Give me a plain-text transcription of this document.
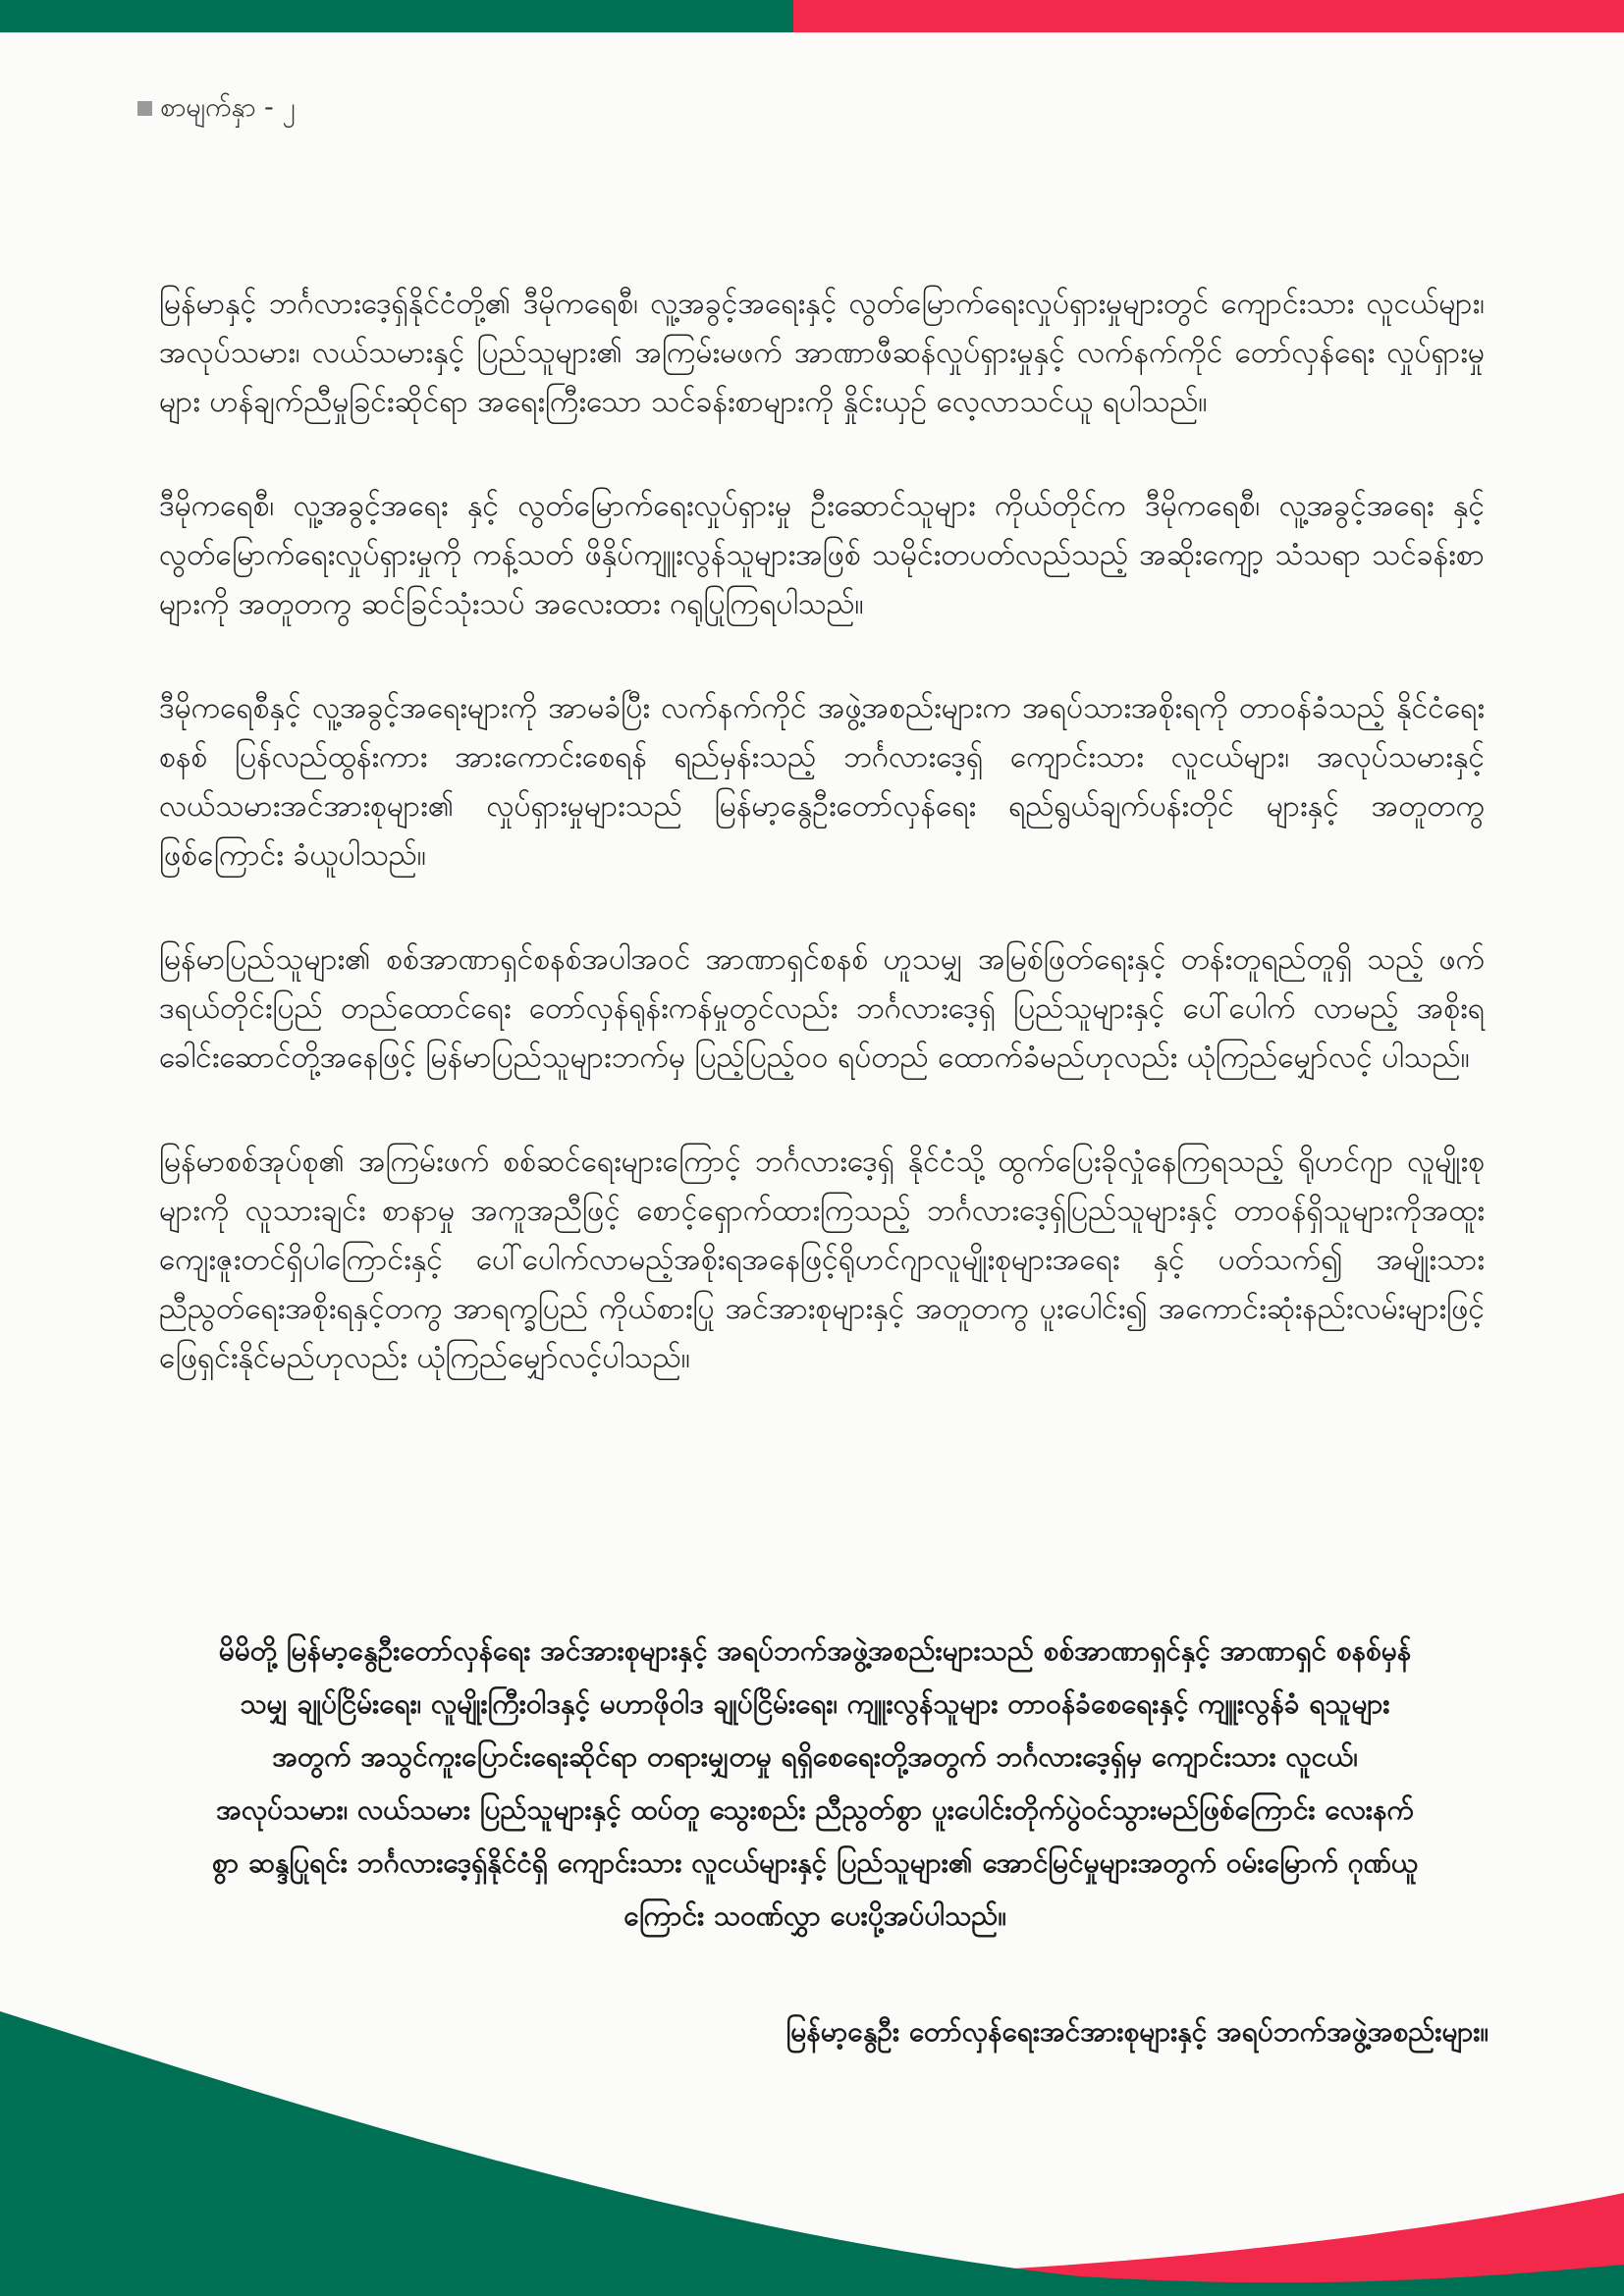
စာမျက်နှာ - ၂

မြန်မာနှင့် ဘင်္ဂလားဒေ့ရှ်နိုင်ငံတို့၏ ဒီမိုကရေစီ၊ လူ့အခွင့်အရေးနှင့် လွတ်မြောက်ရေးလှုပ်ရှားမှုများတွင် ကျောင်းသား လူငယ်များ၊ အလုပ်သမား၊ လယ်သမားနှင့် ပြည်သူများ၏ အကြမ်းမဖက် အာဏာဖီဆန်လှုပ်ရှားမှုနှင့် လက်နက်ကိုင် တော်လှန်ရေး လှုပ်ရှားမှုများ ဟန်ချက်ညီမှုခြင်းဆိုင်ရာ အရေးကြီးသော သင်ခန်းစာများကို နှိုင်းယှဉ် လေ့လာသင်ယူ ရပါသည်။

ဒီမိုကရေစီ၊ လူ့အခွင့်အရေး နှင့် လွတ်မြောက်ရေးလှုပ်ရှားမှု ဦးဆောင်သူများ ကိုယ်တိုင်က ဒီမိုကရေစီ၊ လူ့အခွင့်အရေး နှင့် လွတ်မြောက်ရေးလှုပ်ရှားမှုကို ကန့်သတ် ဖိနှိပ်ကျူးလွန်သူများအဖြစ် သမိုင်းတပတ်လည်သည့် အဆိုးကျော့ သံသရာ သင်ခန်းစာများကို အတူတကွ ဆင်ခြင်သုံးသပ် အလေးထား ဂရုပြုကြရပါသည်။

ဒီမိုကရေစီနှင့် လူ့အခွင့်အရေးများကို အာမခံပြီး လက်နက်ကိုင် အဖွဲ့အစည်းများက အရပ်သားအစိုးရကို တာဝန်ခံသည့် နိုင်ငံရေးစနစ် ပြန်လည်ထွန်းကား အားကောင်းစေရန် ရည်မှန်းသည့် ဘင်္ဂလားဒေ့ရှ် ကျောင်းသား လူငယ်များ၊ အလုပ်သမားနှင့် လယ်သမားအင်အားစုများ၏ လှုပ်ရှားမှုများသည် မြန်မာ့နွေဦးတော်လှန်ရေး ရည်ရွယ်ချက်ပန်းတိုင် များနှင့် အတူတကွ ဖြစ်ကြောင်း ခံယူပါသည်။

မြန်မာပြည်သူများ၏ စစ်အာဏာရှင်စနစ်အပါအဝင် အာဏာရှင်စနစ် ဟူသမျှ အမြစ်ဖြတ်ရေးနှင့် တန်းတူရည်တူရှိ သည့် ဖက်ဒရယ်တိုင်းပြည် တည်ထောင်ရေး တော်လှန်ရုန်းကန်မှုတွင်လည်း ဘင်္ဂလားဒေ့ရှ် ပြည်သူများနှင့် ပေါ်ပေါက် လာမည့် အစိုးရခေါင်းဆောင်တို့အနေဖြင့် မြန်မာပြည်သူများဘက်မှ ပြည့်ပြည့်ဝဝ ရပ်တည် ထောက်ခံမည်ဟုလည်း ယုံကြည်မျှော်လင့် ပါသည်။

မြန်မာစစ်အုပ်စု၏ အကြမ်းဖက် စစ်ဆင်ရေးများကြောင့် ဘင်္ဂလားဒေ့ရှ် နိုင်ငံသို့ ထွက်ပြေးခိုလှုံနေကြရသည့် ရိုဟင်ဂျာ လူမျိုးစုများကို လူသားချင်း စာနာမှု အကူအညီဖြင့် စောင့်ရှောက်ထားကြသည့် ဘင်္ဂလားဒေ့ရှ်ပြည်သူများနှင့် တာဝန်ရှိသူများကိုအထူးကျေးဇူးတင်ရှိပါကြောင်းနှင့် ပေါ်ပေါက်လာမည့်အစိုးရအနေဖြင့်ရိုဟင်ဂျာလူမျိုးစုများအရေး နှင့် ပတ်သက်၍ အမျိုးသားညီညွတ်ရေးအစိုးရနှင့်တကွ အာရက္ခပြည် ကိုယ်စားပြု အင်အားစုများနှင့် အတူတကွ ပူးပေါင်း၍ အကောင်းဆုံးနည်းလမ်းများဖြင့် ဖြေရှင်းနိုင်မည်ဟုလည်း ယုံကြည်မျှော်လင့်ပါသည်။

မိမိတို့ မြန်မာ့နွေဦးတော်လှန်ရေး အင်အားစုများနှင့် အရပ်ဘက်အဖွဲ့အစည်းများသည် စစ်အာဏာရှင်နှင့် အာဏာရှင် စနစ်မှန်သမျှ ချုပ်ငြိမ်းရေး၊ လူမျိုးကြီးဝါဒနှင့် မဟာဖိုဝါဒ ချုပ်ငြိမ်းရေး၊ ကျူးလွန်သူများ တာဝန်ခံစေရေးနှင့် ကျူးလွန်ခံ ရသူများအတွက် အသွင်ကူးပြောင်းရေးဆိုင်ရာ တရားမျှတမှု ရရှိစေရေးတို့အတွက် ဘင်္ဂလားဒေ့ရှ်မှ ကျောင်းသား လူငယ်၊ အလုပ်သမား၊ လယ်သမား ပြည်သူများနှင့် ထပ်တူ သွေးစည်း ညီညွတ်စွာ ပူးပေါင်းတိုက်ပွဲဝင်သွားမည်ဖြစ်ကြောင်း လေးနက်စွာ ဆန္ဒပြုရင်း ဘင်္ဂလားဒေ့ရှ်နိုင်ငံရှိ ကျောင်းသား လူငယ်များနှင့် ပြည်သူများ၏ အောင်မြင်မှုများအတွက် ဝမ်းမြောက် ဂုဏ်ယူကြောင်း သဝဏ်လွှာ ပေးပို့အပ်ပါသည်။
မြန်မာ့နွေဦး တော်လှန်ရေးအင်အားစုများနှင့် အရပ်ဘက်အဖွဲ့အစည်းများ။
